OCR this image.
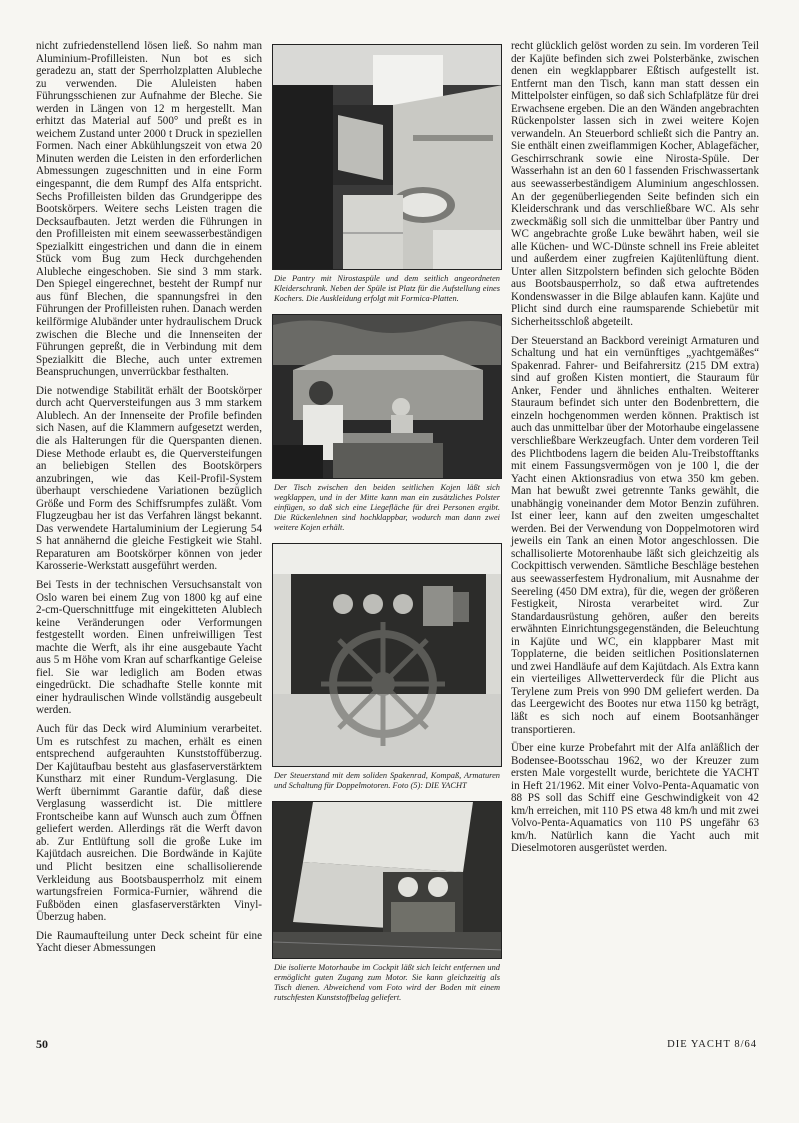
nicht zufriedenstellend lösen ließ. So nahm man Aluminium-Profilleisten. Nun bot es sich geradezu an, statt der Sperrholzplatten Alubleche zu verwenden. Die Aluleisten haben Führungsschienen zur Aufnahme der Bleche. Sie werden in Längen von 12 m hergestellt. Man erhitzt das Material auf 500° und preßt es in weichem Zustand unter 2000 t Druck in speziellen Formen. Nach einer Abkühlungszeit von etwa 20 Minuten werden die Leisten in den erforderlichen Abmessungen zugeschnitten und in eine Form eingespannt, die dem Rumpf des Alfa entspricht. Sechs Profilleisten bilden das Grundgerippe des Bootskörpers. Weitere sechs Leisten tragen die Decksaufbauten. Jetzt werden die Führungen in den Profilleisten mit einem seewasserbeständigen Spezialkitt eingestrichen und dann die in einem Stück vom Bug zum Heck durchgehenden Alubleche eingeschoben. Sie sind 3 mm stark. Den Spiegel eingerechnet, besteht der Rumpf nur aus fünf Blechen, die spannungsfrei in den Führungen der Profilleisten ruhen. Danach werden keilförmige Alubänder unter hydraulischem Druck zwischen die Bleche und die Innenseiten der Führungen gepreßt, die in Verbindung mit dem Spezialkitt die Bleche, auch unter extremen Beanspruchungen, unverrückbar festhalten.

Die notwendige Stabilität erhält der Bootskörper durch acht Querversteifungen aus 3 mm starkem Alublech. An der Innenseite der Profile befinden sich Nasen, auf die Klammern aufgesetzt werden, die als Halterungen für die Querspanten dienen. Diese Methode erlaubt es, die Querversteifungen an beliebigen Stellen des Bootskörpers anzubringen, wie das Keil-Profil-System überhaupt verschiedene Variationen bezüglich Größe und Form des Schiffsrumpfes zuläßt. Vom Flugzeugbau her ist das Verfahren längst bekannt. Das verwendete Hartaluminium der Legierung 54 S hat annähernd die gleiche Festigkeit wie Stahl. Reparaturen am Bootskörper können von jeder Karosserie-Werkstatt ausgeführt werden.

Bei Tests in der technischen Versuchsanstalt von Oslo waren bei einem Zug von 1800 kg auf eine 2-cm-Querschnittfuge mit eingekitteten Alublech keine Veränderungen oder Verformungen festgestellt worden. Einen unfreiwilligen Test machte die Werft, als ihr eine ausgebaute Yacht aus 5 m Höhe vom Kran auf scharfkantige Geleise fiel. Sie war lediglich am Boden etwas eingedrückt. Die schadhafte Stelle konnte mit einer hydraulischen Winde vollständig ausgebeult werden.

Auch für das Deck wird Aluminium verarbeitet. Um es rutschfest zu machen, erhält es einen entsprechend aufgerauhten Kunststoffüberzug. Der Kajütaufbau besteht aus glasfaserverstärktem Kunstharz mit einer Rundum-Verglasung. Die Werft übernimmt Garantie dafür, daß diese Verglasung wasserdicht ist. Die mittlere Frontscheibe kann auf Wunsch auch zum Öffnen geliefert werden. Allerdings rät die Werft davon ab. Zur Entlüftung soll die große Luke im Kajütdach ausreichen. Die Bordwände in Kajüte und Plicht besitzen eine schallisolierende Verkleidung aus Bootsbausperrholz mit einem wartungsfreien Formica-Furnier, während die Fußböden einen glasfaserverstärkten Vinyl-Überzug haben.

Die Raumaufteilung unter Deck scheint für eine Yacht dieser Abmessungen

Die Pantry mit Nirostaspüle und dem seitlich angeordneten Kleiderschrank. Neben der Spüle ist Platz für die Aufstellung eines Kochers. Die Auskleidung erfolgt mit Formica-Platten.
Der Tisch zwischen den beiden seitlichen Kojen läßt sich wegklappen, und in der Mitte kann man ein zusätzliches Polster einfügen, so daß sich eine Liegefläche für drei Personen ergibt. Die Rückenlehnen sind hochklappbar, wodurch man dann zwei weitere Kojen erhält.
Der Steuerstand mit dem soliden Spakenrad, Kompaß, Armaturen und Schaltung für Doppelmotoren. Foto (5): DIE YACHT
Die isolierte Motorhaube im Cockpit läßt sich leicht entfernen und ermöglicht guten Zugang zum Motor. Sie kann gleichzeitig als Tisch dienen. Abweichend vom Foto wird der Boden mit einem rutschfesten Kunststoffbelag geliefert.

recht glücklich gelöst worden zu sein. Im vorderen Teil der Kajüte befinden sich zwei Polsterbänke, zwischen denen ein wegklappbarer Eßtisch aufgestellt ist. Entfernt man den Tisch, kann man statt dessen ein Mittelpolster einfügen, so daß sich Schlafplätze für drei Erwachsene ergeben. Die an den Wänden angebrachten Rückenpolster lassen sich in zwei weitere Kojen verwandeln. An Steuerbord schließt sich die Pantry an. Sie enthält einen zweiflammigen Kocher, Ablagefächer, Geschirrschrank sowie eine Nirosta-Spüle. Der Wasserhahn ist an den 60 l fassenden Frischwassertank aus seewasserbeständigem Aluminium angeschlossen. An der gegenüberliegenden Seite befinden sich ein Kleiderschrank und das verschließbare WC. Als sehr zweckmäßig soll sich die unmittelbar über Pantry und WC angebrachte große Luke bewährt haben, weil sie alle Küchen- und WC-Dünste schnell ins Freie ableitet und außerdem einer zugfreien Kajütenlüftung dient. Unter allen Sitzpolstern befinden sich gelochte Böden aus Bootsbausperrholz, so daß etwa auftretendes Kondenswasser in die Bilge ablaufen kann. Kajüte und Plicht sind durch eine raumsparende Schiebetür mit Sicherheitsschloß abgeteilt.

Der Steuerstand an Backbord vereinigt Armaturen und Schaltung und hat ein vernünftiges „yachtgemäßes“ Spakenrad. Fahrer- und Beifahrersitz (215 DM extra) sind auf großen Kisten montiert, die Stauraum für Anker, Fender und ähnliches enthalten. Weiterer Stauraum befindet sich unter den Bodenbrettern, die einzeln hochgenommen werden können. Praktisch ist auch das unmittelbar über der Motorhaube eingelassene verschließbare Werkzeugfach. Unter dem vorderen Teil des Plichtbodens lagern die beiden Alu-Treibstofftanks mit einem Fassungsvermögen von je 100 l, die der Yacht einen Aktionsradius von etwa 350 km geben. Man hat bewußt zwei getrennte Tanks gewählt, die unabhängig voneinander dem Motor Benzin zuführen. Ist einer leer, kann auf den zweiten umgeschaltet werden. Bei der Verwendung von Doppelmotoren wird jeweils ein Tank an einen Motor angeschlossen. Die schallisolierte Motorenhaube läßt sich gleichzeitig als Cockpittisch verwenden. Sämtliche Beschläge bestehen aus seewasserfestem Hydronalium, mit Ausnahme der Seereling (450 DM extra), für die, wegen der größeren Festigkeit, Nirosta verarbeitet wird. Zur Standardausrüstung gehören, außer den bereits erwähnten Einrichtungsgegenständen, die Beleuchtung in Kajüte und WC, ein klappbarer Mast mit Topplaterne, die beiden seitlichen Positionslaternen und zwei Handläufe auf dem Kajütdach. Als Extra kann ein vierteiliges Allwetterverdeck für die Plicht aus Terylene zum Preis von 990 DM geliefert werden. Da das Leergewicht des Bootes nur etwa 1150 kg beträgt, läßt es sich noch auf einem Bootsanhänger transportieren.

Über eine kurze Probefahrt mit der Alfa anläßlich der Bodensee-Bootsschau 1962, wo der Kreuzer zum ersten Male vorgestellt wurde, berichtete die YACHT in Heft 21/1962. Mit einer Volvo-Penta-Aquamatic von 88 PS soll das Schiff eine Geschwindigkeit von 42 km/h erreichen, mit 110 PS etwa 48 km/h und mit zwei Volvo-Penta-Aquamatics von 110 PS ungefähr 63 km/h. Natürlich kann die Yacht auch mit Dieselmotoren ausgerüstet werden.

50	DIE YACHT 8/64
